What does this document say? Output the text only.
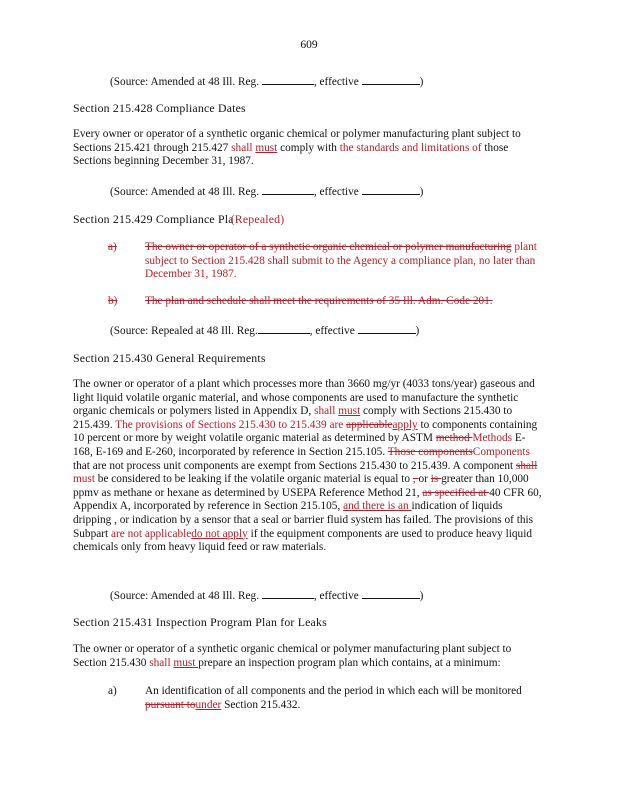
609
(Source: Amended at 48 Ill. Reg.	, effective	)
Section 215.428 Compliance Dates
Every owner or operator of a synthetic organic chemical or polymer manufacturing plant subject to Sections 215.421 through 215.427 shall must comply with the standards and limitations of those Sections beginning December 31, 1987.
(Source: Amended at 48 Ill. Reg.	, effective	)
Section 215.429 Compliance Pla(Repealed)
a) The owner or operator of a synthetic organic chemical or polymer manufacturing plant subject to Section 215.428 shall submit to the Agency a compliance plan, no later than December 31, 1987.
b) The plan and schedule shall meet the requirements of 35 Ill. Adm. Code 201.
(Source: Repealed at 48 Ill. Reg.	, effective	)
Section 215.430 General Requirements
The owner or operator of a plant which processes more than 3660 mg/yr (4033 tons/year) gaseous and light liquid volatile organic material, and whose components are used to manufacture the synthetic organic chemicals or polymers listed in Appendix D, shall must comply with Sections 215.430 to 215.439. The provisions of Sections 215.430 to 215.439 are applicableapply to components containing 10 percent or more by weight volatile organic material as determined by ASTM method Methods E-168, E-169 and E-260, incorporated by reference in Section 215.105. Those componentsComponents that are not process unit components are exempt from Sections 215.430 to 215.439. A component shall must be considered to be leaking if the volatile organic material is equal to , or is greater than 10,000 ppmv as methane or hexane as determined by USEPA Reference Method 21, as specified at 40 CFR 60, Appendix A, incorporated by reference in Section 215.105, and there is an indication of liquids dripping , or indication by a sensor that a seal or barrier fluid system has failed. The provisions of this Subpart are not applicabledo not apply if the equipment components are used to produce heavy liquid chemicals only from heavy liquid feed or raw materials.
(Source: Amended at 48 Ill. Reg.	, effective	)
Section 215.431 Inspection Program Plan for Leaks
The owner or operator of a synthetic organic chemical or polymer manufacturing plant subject to Section 215.430 shall must prepare an inspection program plan which contains, at a minimum:
a) An identification of all components and the period in which each will be monitored pursuant tounder Section 215.432.
